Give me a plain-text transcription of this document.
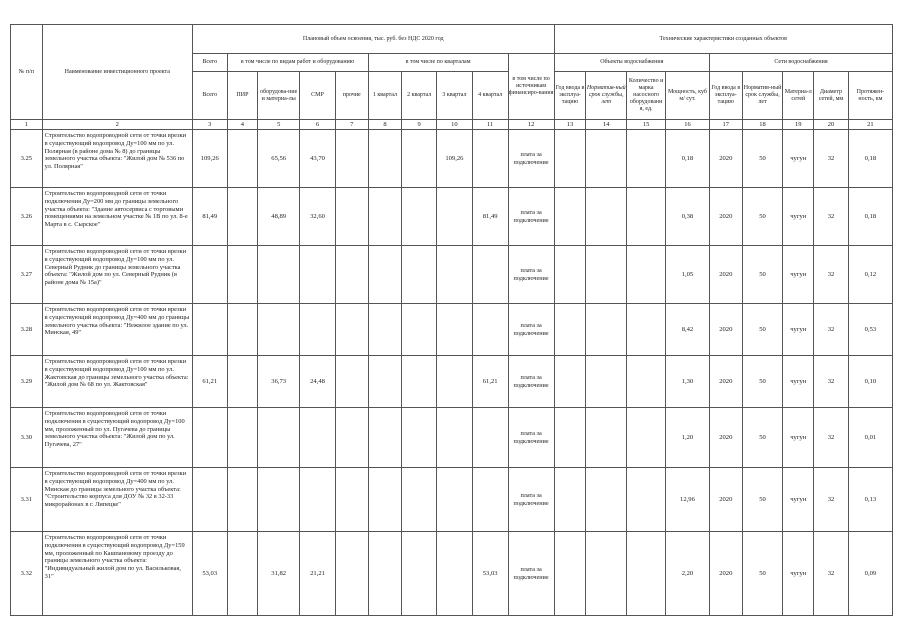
№ п/п	Наименование инвестиционного проекта	Плановый объем освоения, тыс. руб. без НДС 2020 год										Технические характеристики созданных объектов								
		Всего	в том числе по видам работ и оборудованию				в том числе по кварталам				в том числе по источникам финансиро-вания	Объекты водоснабжения				Сети водоснабжения				
		Всего	ПИР	оборудова-ние и материа-лы	СМР	прочие	1 квартал	2 квартал	3 квартал	4 квартал		Год ввода в эксплуа-тацию	Норматив-ный срок службы, лет	Количество и марка насосного оборудовани я, ед.	Мощность, куб м/ сут.	Год ввода в эксплуа-тацию	Норматив-ный срок службы, лет	Материа-л сетей	Диаметр сетей, мм	Протяжен-ность, км
1	2	3	4	5	6	7	8	9	10	11	12	13	14	15	16	17	18	19	20	21
3.25	Строительство водопроводной сети от точки врезки в существующий водопровод Ду=100 мм по ул. Полярная (в районе дома № 8) до границы земельного участка объекта: "Жилой дом № 536 по ул. Полярная"	109,26		65,56	43,70				109,26		плата за подключение				0,18	2020	50	чугун	32	0,18
3.26	Строительство водопроводной сети от точки подключения Ду=200 мм до границы земельного участка объекта: "Здание автосервиса с торговыми помещениями на земельном участке № 1В по ул. 8-е Марта в с. Сырское"	81,49		48,89	32,60					81,49	плата за подключение				0,38	2020	50	чугун	32	0,18
3.27	Строительство водопроводной сети от точки врезки в существующий водопровод Ду=100 мм по ул. Северный Рудник до границы земельного участка объекта: "Жилой дом по ул. Северный Рудник (в районе дома № 15а)"										плата за подключение				1,05	2020	50	чугун	32	0,12
3.28	Строительство водопроводной сети от точки врезки в существующий водопровод Ду=400 мм до границы земельного участка объекта: "Нежилое здание по ул. Минская, 49"										плата за подключение				8,42	2020	50	чугун	32	0,53
3.29	Строительство водопроводной сети от точки врезки в существующий водопровод Ду=100 мм по ул. Жактовская до границы земельного участка объекта: "Жилой дом № 68 по ул. Жактовская"	61,21		36,73	24,48					61,21	плата за подключение				1,30	2020	50	чугун	32	0,10
3.30	Строительство водопроводной сети от точки подключения в существующий водопровод Ду=100 мм, проложенный по ул. Пугачева до границы земельного участка объекта: "Жилой дом по ул. Пугачева, 27"										плата за подключение				1,20	2020	50	чугун	32	0,01
3.31	Строительство водопроводной сети от точки врезки в существующий водопровод Ду=400 мм по ул. Минская до границы земельного участка объекта: "Строительство корпуса для ДОУ № 32 в 32-33 микрорайонах в г. Липецке"										плата за подключение				12,96	2020	50	чугун	32	0,13
3.32	Строительство водопроводной сети от точки подключения в существующий водопровод Ду=159 мм, проложенный по Кашпановому проезду до границы земельного участка объекта: "Индивидуальный жилой дом по ул. Васильковая, 31"	53,03		31,82	21,21					53,03	плата за подключение				2,20	2020	50	чугун	32	0,09
